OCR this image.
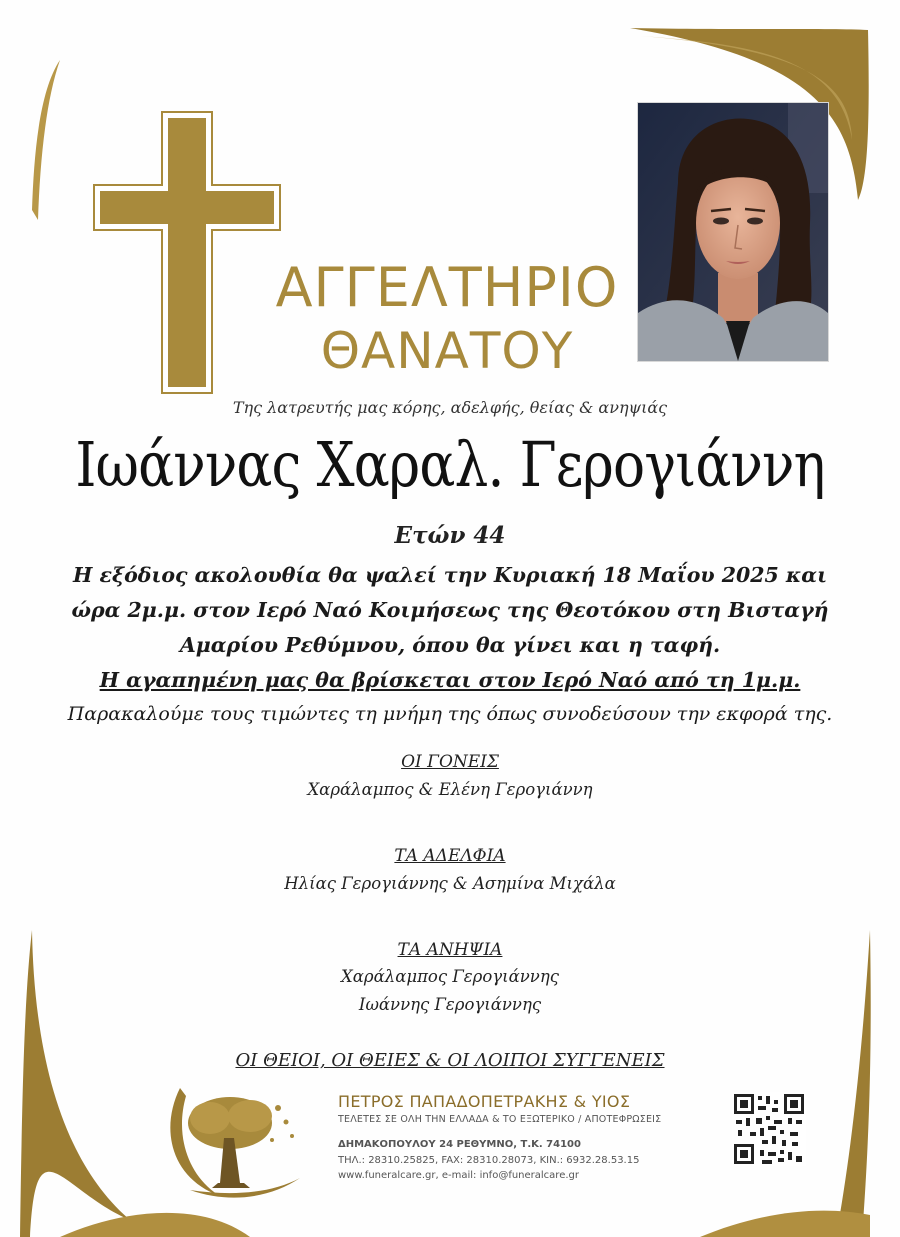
ΑΓΓΕΛΤΗΡΙΟ
ΘΑΝΑΤΟΥ
Της λατρευτής μας κόρης, αδελφής, θείας & ανηψιάς
Ιωάννας Χαραλ. Γερογιάννη
Ετών 44
Η εξόδιος ακολουθία θα ψαλεί την Κυριακή 18 Μαΐου 2025 και
ώρα 2μ.μ. στον Ιερό Ναό Κοιμήσεως της Θεοτόκου στη Βισταγή
Αμαρίου Ρεθύμνου, όπου θα γίνει και η ταφή.
Η αγαπημένη μας θα βρίσκεται στον Ιερό Ναό από τη 1μ.μ.
Παρακαλούμε τους τιμώντες τη μνήμη της όπως συνοδεύσουν την εκφορά της.
ΟΙ ΓΟΝΕΙΣ
Χαράλαμπος & Ελένη Γερογιάννη
ΤΑ ΑΔΕΛΦΙΑ
Ηλίας Γερογιάννης & Ασημίνα Μιχάλα
ΤΑ ΑΝΗΨΙΑ
Χαράλαμπος Γερογιάννης
Ιωάννης Γερογιάννης
ΟΙ ΘΕΙΟΙ, ΟΙ ΘΕΙΕΣ & ΟΙ ΛΟΙΠΟΙ ΣΥΓΓΕΝΕΙΣ
ΠΕΤΡΟΣ ΠΑΠΑΔΟΠΕΤΡΑΚΗΣ & ΥΙΟΣ
ΤΕΛΕΤΕΣ ΣΕ ΟΛΗ ΤΗΝ ΕΛΛΑΔΑ & ΤΟ ΕΞΩΤΕΡΙΚΟ / ΑΠΟΤΕΦΡΩΣΕΙΣ
ΔΗΜΑΚΟΠΟΥΛΟΥ 24 ΡΕΘΥΜΝΟ, Τ.Κ. 74100
ΤΗΛ.: 28310.25825, FAX: 28310.28073, ΚΙΝ.: 6932.28.53.15
www.funeralcare.gr, e-mail: info@funeralcare.gr
